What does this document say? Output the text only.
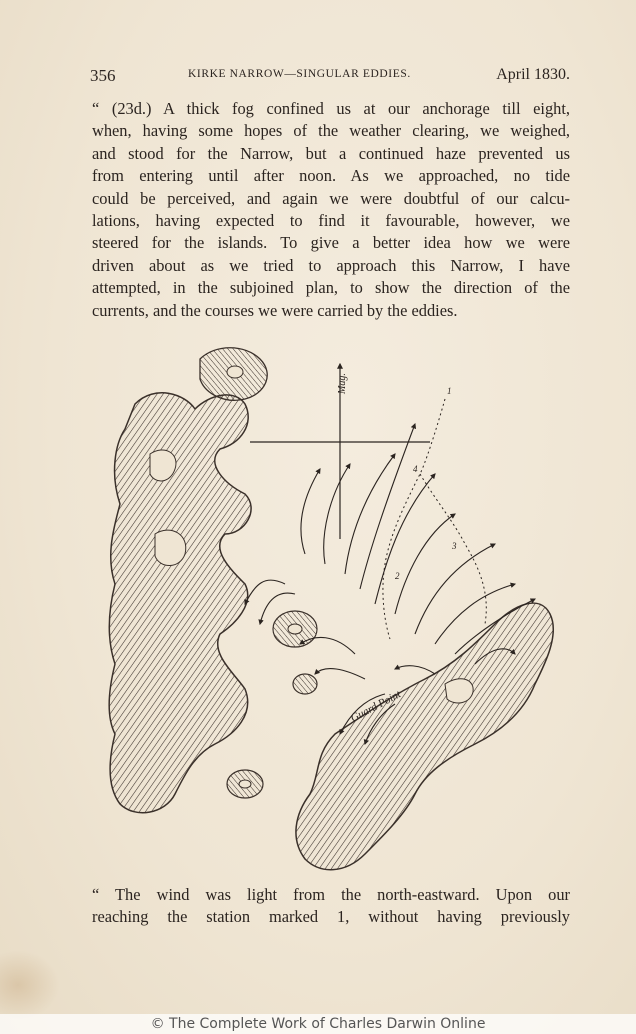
356	KIRKE NARROW—SINGULAR EDDIES.	April 1830.
“ (23d.) A thick fog confined us at our anchorage till eight,
when, having some hopes of the weather clearing, we weighed,
and stood for the Narrow, but a continued haze prevented us
from entering until after noon. As we approached, no tide
could be perceived, and again we were doubtful of our calcu-
lations, having expected to find it favourable, however, we
steered for the islands. To give a better idea how we were
driven about as we tried to approach this Narrow, I have
attempted, in the subjoined plan, to show the direction of the
currents, and the courses we were carried by the eddies.
Mag.	1
2
3
4
Guard Point
“ The wind was light from the north-eastward. Upon our
reaching the station marked 1, without having previously
© The Complete Work of Charles Darwin Online
